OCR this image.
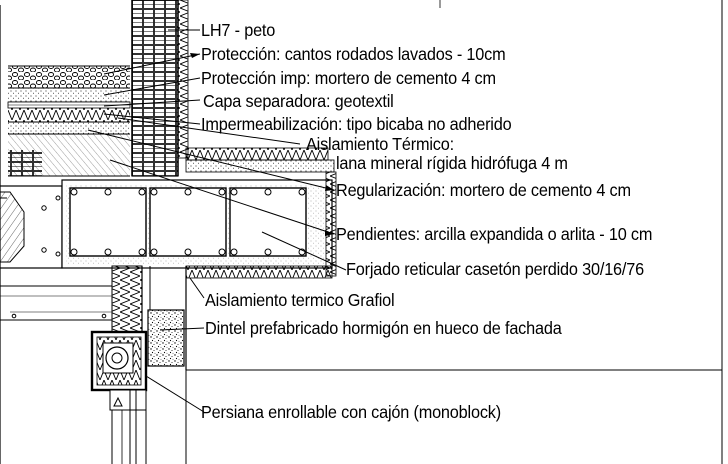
LH7 - peto
Protección: cantos rodados lavados - 10cm
Protección imp: mortero de cemento 4 cm
Capa separadora: geotextil
Impermeabilización: tipo bicaba no adherido
Aislamiento Térmico:
lana mineral rígida hidrófuga 4 m
Regularización: mortero de cemento 4 cm
Pendientes: arcilla expandida o arlita - 10 cm
Forjado reticular casetón perdido 30/16/76
Aislamiento termico Grafiol
Dintel prefabricado hormigón en hueco de fachada
Persiana enrollable con cajón (monoblock)
